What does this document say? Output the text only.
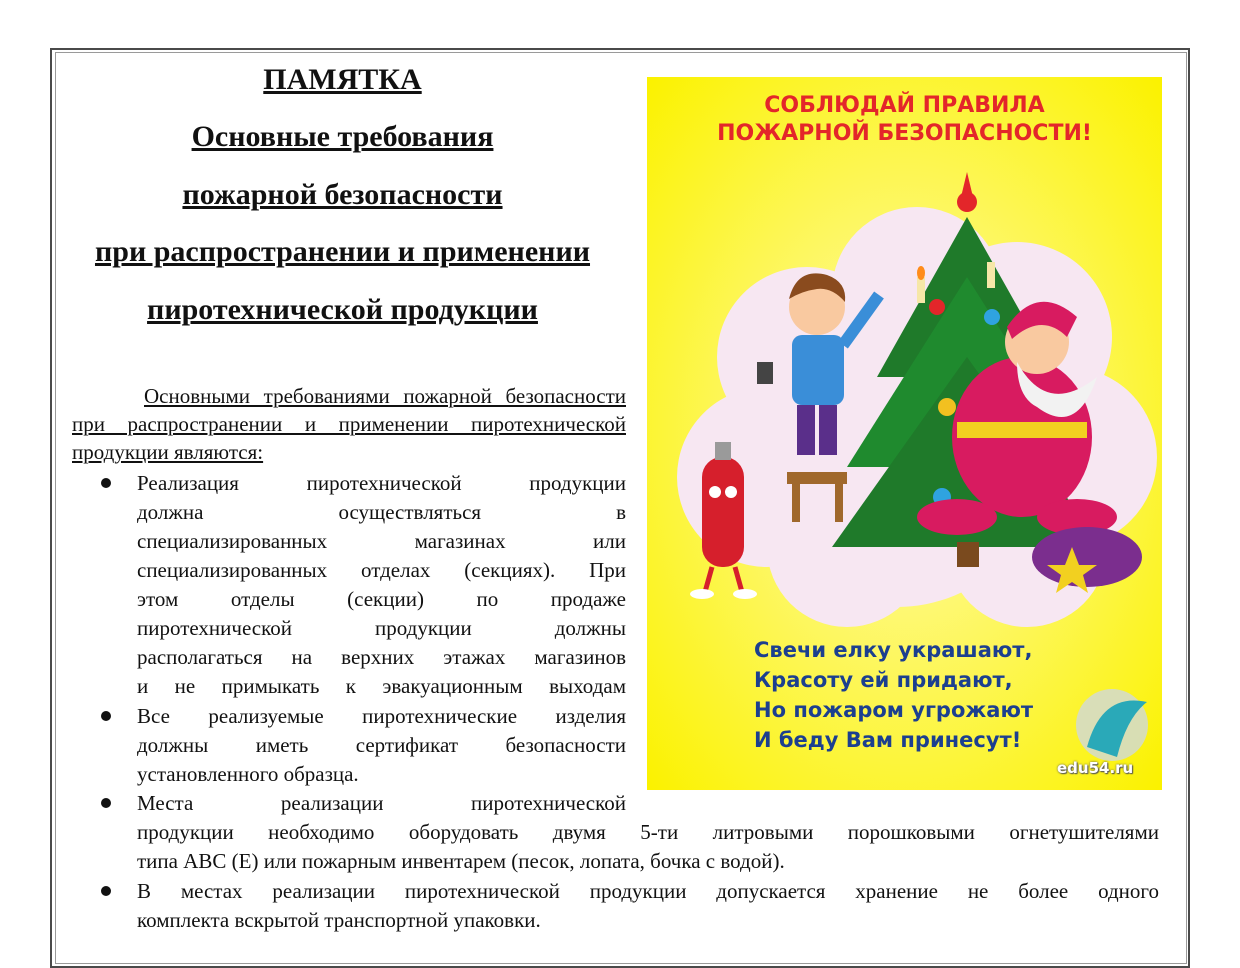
ПАМЯТКА
Основные требования
пожарной безопасности
при распространении и применении
пиротехнической продукции

Основными требованиями пожарной безопасности при распространении и применении пиротехнической продукции являются:

Реализация пиротехнической продукции
должна осуществляться в
специализированных магазинах или
специализированных отделах (секциях). При
этом отделы (секции) по продаже
пиротехнической продукции должны
располагаться на верхних этажах магазинов
и не примыкать к эвакуационным выходам
Все реализуемые пиротехнические изделия
должны иметь сертификат безопасности
установленного образца.
Места реализации пиротехнической
продукции необходимо оборудовать двумя 5-ти литровыми порошковыми огнетушителями
типа АВС (Е) или пожарным инвентарем (песок, лопата, бочка с водой).
В местах реализации пиротехнической продукции допускается хранение не более одного
комплекта вскрытой транспортной упаковки.
СОБЛЮДАЙ ПРАВИЛА
ПОЖАРНОЙ БЕЗОПАСНОСТИ!
Свечи елку украшают,
Красоту ей придают,
Но пожаром угрожают
И беду Вам принесут!
edu54.ru
